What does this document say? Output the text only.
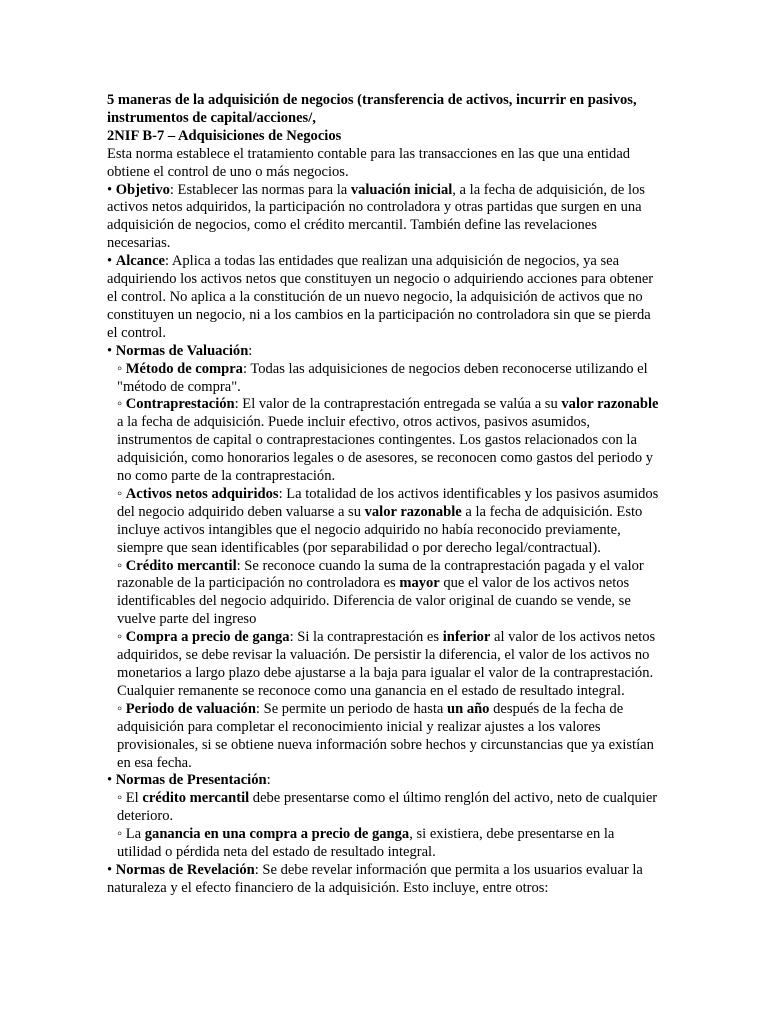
5 maneras de la adquisición de negocios (transferencia de activos, incurrir en pasivos, instrumentos de capital/acciones/,
2NIF B-7 – Adquisiciones de Negocios

Esta norma establece el tratamiento contable para las transacciones en las que una entidad obtiene el control de uno o más negocios.

• Objetivo: Establecer las normas para la valuación inicial, a la fecha de adquisición, de los activos netos adquiridos, la participación no controladora y otras partidas que surgen en una adquisición de negocios, como el crédito mercantil. También define las revelaciones necesarias.

• Alcance: Aplica a todas las entidades que realizan una adquisición de negocios, ya sea adquiriendo los activos netos que constituyen un negocio o adquiriendo acciones para obtener el control. No aplica a la constitución de un nuevo negocio, la adquisición de activos que no constituyen un negocio, ni a los cambios en la participación no controladora sin que se pierda el control.

• Normas de Valuación:

◦ Método de compra: Todas las adquisiciones de negocios deben reconocerse utilizando el "método de compra".

◦ Contraprestación: El valor de la contraprestación entregada se valúa a su valor razonable a la fecha de adquisición. Puede incluir efectivo, otros activos, pasivos asumidos, instrumentos de capital o contraprestaciones contingentes. Los gastos relacionados con la adquisición, como honorarios legales o de asesores, se reconocen como gastos del periodo y no como parte de la contraprestación.

◦ Activos netos adquiridos: La totalidad de los activos identificables y los pasivos asumidos del negocio adquirido deben valuarse a su valor razonable a la fecha de adquisición. Esto incluye activos intangibles que el negocio adquirido no había reconocido previamente, siempre que sean identificables (por separabilidad o por derecho legal/contractual).

◦ Crédito mercantil: Se reconoce cuando la suma de la contraprestación pagada y el valor razonable de la participación no controladora es mayor que el valor de los activos netos identificables del negocio adquirido. Diferencia de valor original de cuando se vende, se vuelve parte del ingreso

◦ Compra a precio de ganga: Si la contraprestación es inferior al valor de los activos netos adquiridos, se debe revisar la valuación. De persistir la diferencia, el valor de los activos no monetarios a largo plazo debe ajustarse a la baja para igualar el valor de la contraprestación. Cualquier remanente se reconoce como una ganancia en el estado de resultado integral.

◦ Periodo de valuación: Se permite un periodo de hasta un año después de la fecha de adquisición para completar el reconocimiento inicial y realizar ajustes a los valores provisionales, si se obtiene nueva información sobre hechos y circunstancias que ya existían en esa fecha.

• Normas de Presentación:

◦ El crédito mercantil debe presentarse como el último renglón del activo, neto de cualquier deterioro.

◦ La ganancia en una compra a precio de ganga, si existiera, debe presentarse en la utilidad o pérdida neta del estado de resultado integral.

• Normas de Revelación: Se debe revelar información que permita a los usuarios evaluar la naturaleza y el efecto financiero de la adquisición. Esto incluye, entre otros:
